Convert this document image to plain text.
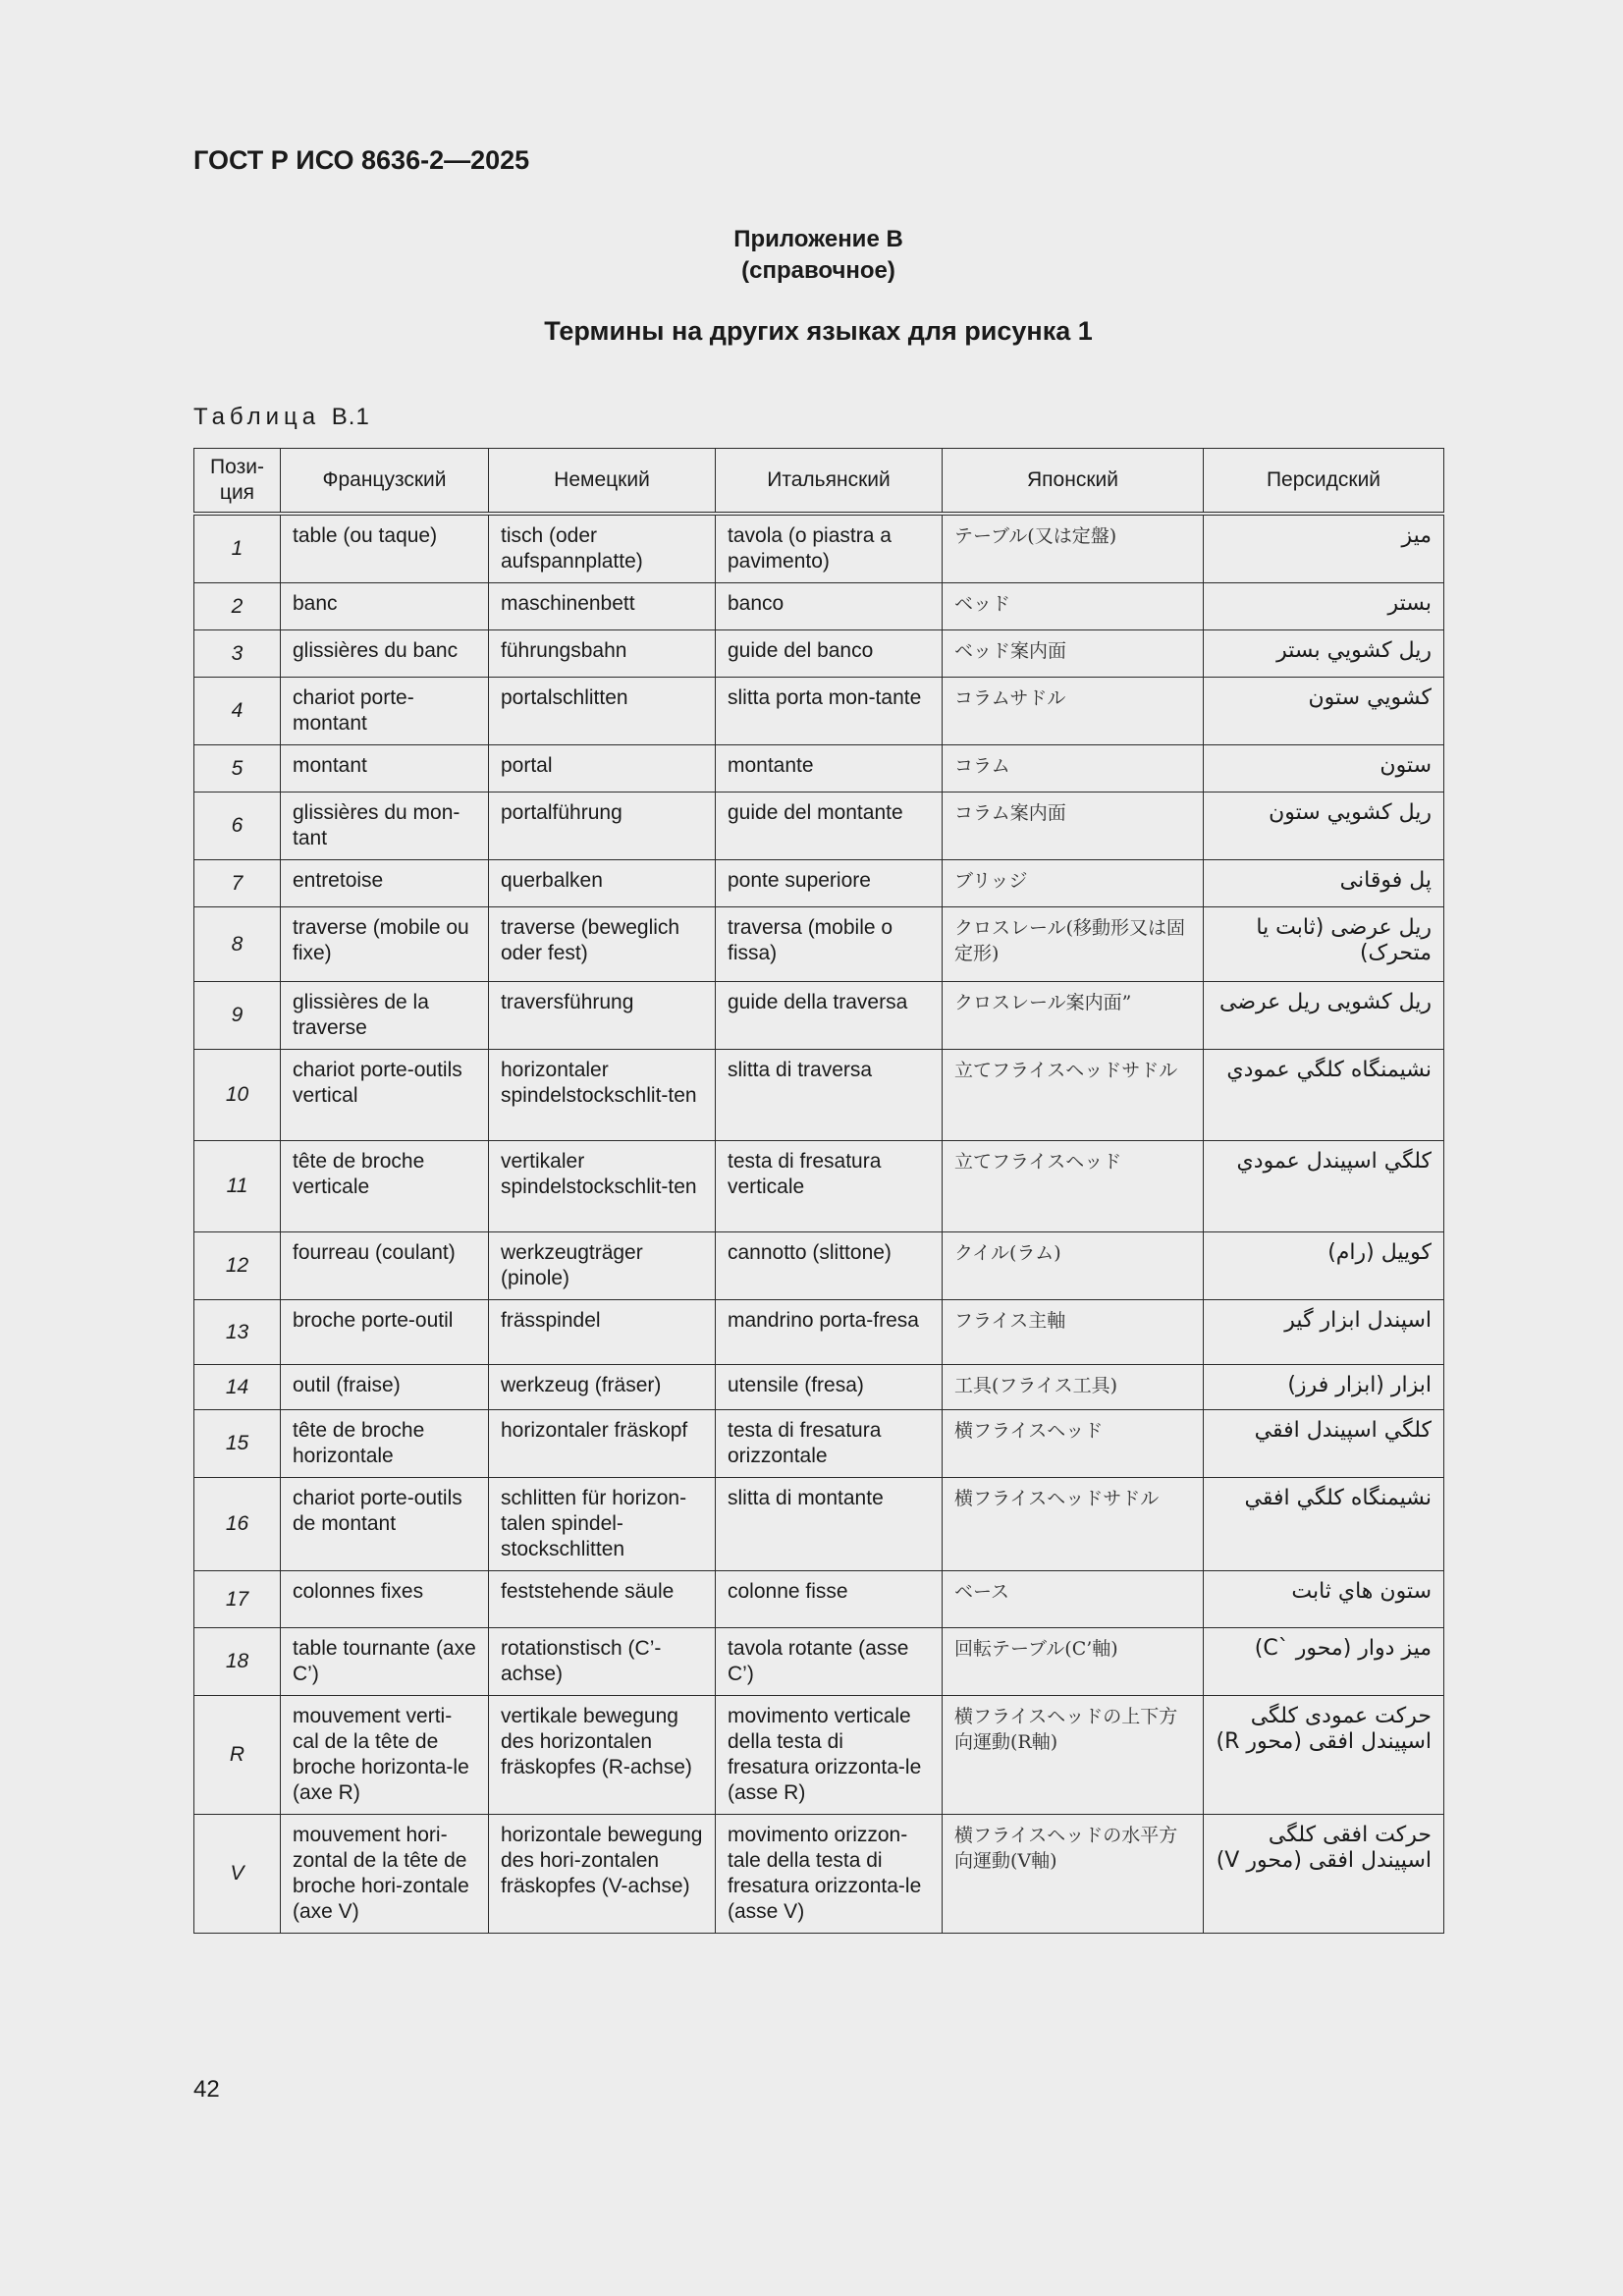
ГОСТ Р ИСО 8636-2—2025
Приложение В
(справочное)
Термины на других языках для рисунка 1
Таблица В.1
Пози-ция	Французский	Немецкий	Итальянский	Японский	Персидский
1	table (ou taque)	tisch (oder aufspannplatte)	tavola (o piastra a pavimento)	テーブル(又は定盤)	میز
2	banc	maschinenbett	banco	ベッド	بستر
3	glissières du banc	führungsbahn	guide del banco	ベッド案内面	ريل كشويي بستر
4	chariot porte-montant	portalschlitten	slitta porta mon-tante	コラムサドル	كشويي ستون
5	montant	portal	montante	コラム	ستون
6	glissières du mon-tant	portalführung	guide del montante	コラム案内面	ريل كشويي ستون
7	entretoise	querbalken	ponte superiore	ブリッジ	پل فوقانی
8	traverse (mobile ou fixe)	traverse (beweglich oder fest)	traversa (mobile o fissa)	クロスレール(移動形又は固定形)	ریل عرضی (ثابت یا متحرک)
9	glissières de la traverse	traversführung	guide della traversa	クロスレール案内面”	ریل کشویی ریل عرضی
10	chariot porte-outils vertical	horizontaler spindelstockschlit-ten	slitta di traversa	立てフライスヘッドサドル	نشيمنگاه كلگي عمودي
11	tête de broche verticale	vertikaler spindelstockschlit-ten	testa di fresatura verticale	立てフライスヘッド	كلگي اسپيندل عمودي
12	fourreau (coulant)	werkzeugträger (pinole)	cannotto (slittone)	クイル(ラム)	كوييل (رام)
13	broche porte-outil	frässpindel	mandrino porta-fresa	フライス主軸	اسپندل ابزار گیر
14	outil (fraise)	werkzeug (fräser)	utensile (fresa)	工具(フライス工具)	ابزار (ابزار فرز)
15	tête de broche horizontale	horizontaler fräskopf	testa di fresatura orizzontale	横フライスヘッド	كلگي اسپيندل افقي
16	chariot porte-outils de montant	schlitten für horizon-talen spindel-stockschlitten	slitta di montante	横フライスヘッドサドル	نشيمنگاه كلگي افقي
17	colonnes fixes	feststehende säule	colonne fisse	ベース	ستون هاي ثابت
18	table tournante (axe C’)	rotationstisch (C’-achse)	tavola rotante (asse C’)	回転テーブル(C’軸)	میز دوار (محور `C)
R	mouvement verti-cal de la tête de broche horizonta-le (axe R)	vertikale bewegung des horizontalen fräskopfes (R-achse)	movimento verticale della testa di fresatura orizzonta-le (asse R)	横フライスヘッドの上下方向運動(R軸)	حرکت عمودی کلگی اسپیندل افقی (محور R)
V	mouvement hori-zontal de la tête de broche hori-zontale (axe V)	horizontale bewegung des hori-zontalen fräskopfes (V-achse)	movimento orizzon-tale della testa di fresatura orizzonta-le (asse V)	横フライスヘッドの水平方向運動(V軸)	حرکت افقی کلگی اسپیندل افقی (محور V)
42
